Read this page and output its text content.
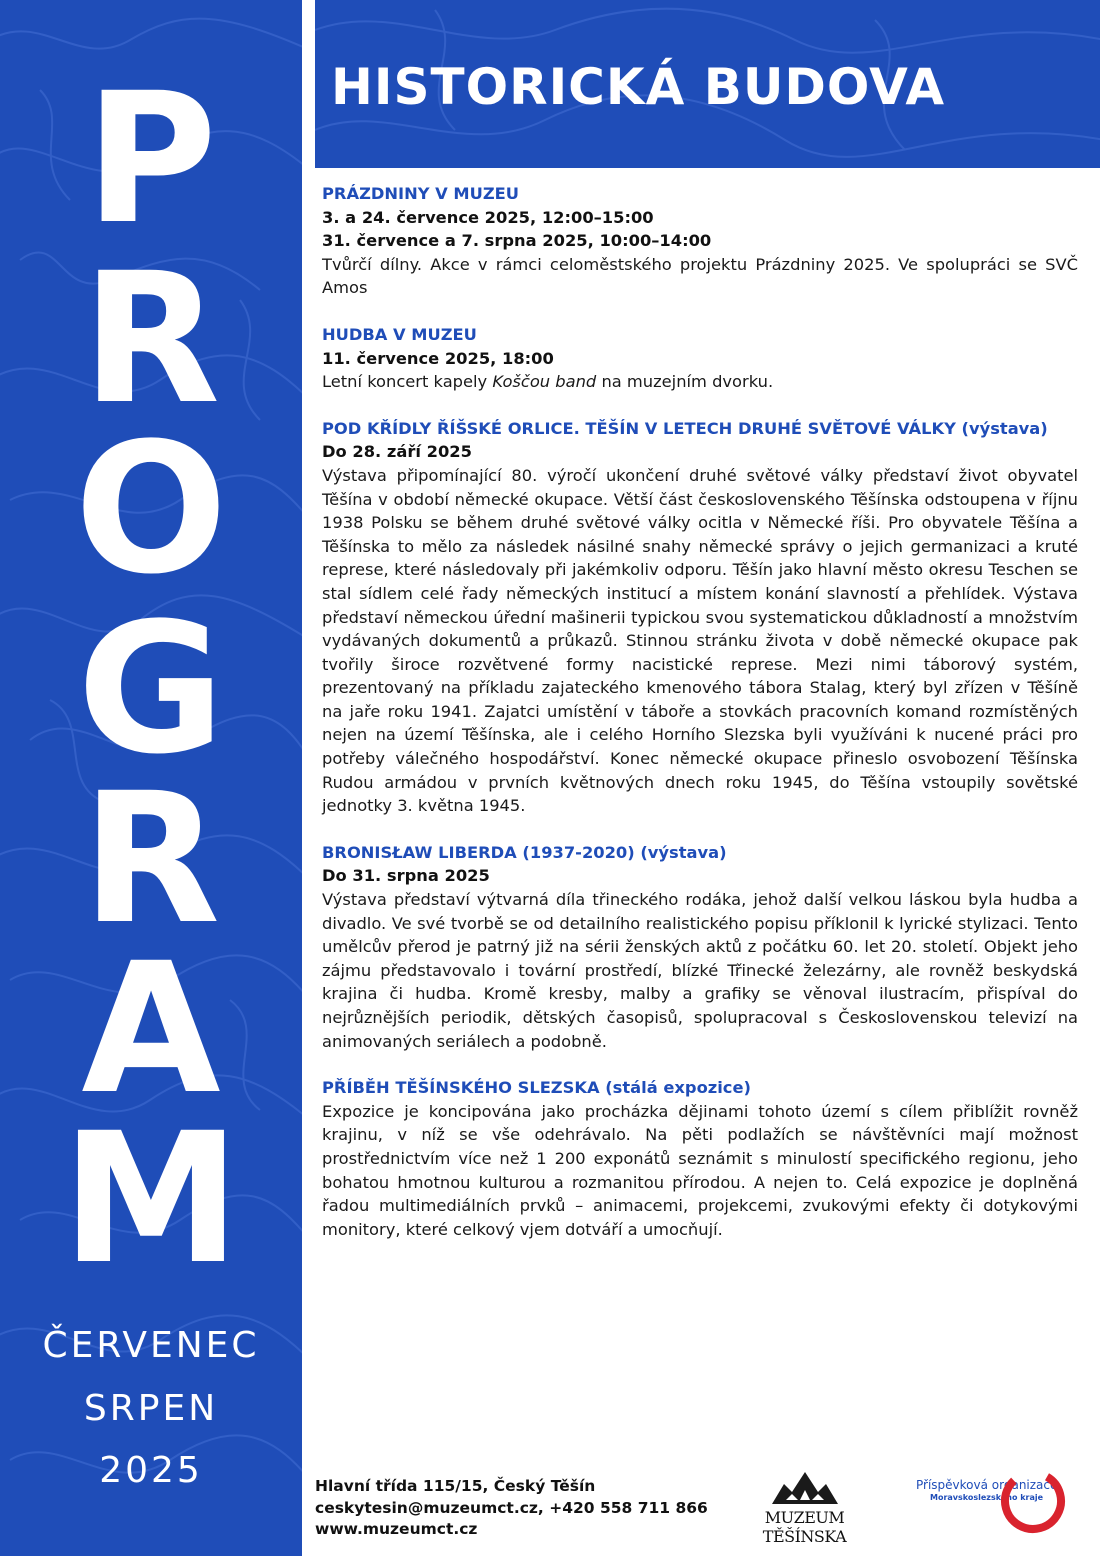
P
R
O
G
R
A
M
ČERVENEC
SRPEN
2025
HISTORICKÁ BUDOVA
PRÁZDNINY V MUZEU
3. a 24. července 2025, 12:00–15:00
31. července a 7. srpna 2025, 10:00–14:00
Tvůrčí dílny. Akce v rámci celoměstského projektu Prázdniny 2025. Ve spolupráci se SVČ Amos
HUDBA V MUZEU
11. července 2025, 18:00
Letní koncert kapely Koščou band na muzejním dvorku.
POD KŘÍDLY ŘÍŠSKÉ ORLICE. TĚŠÍN V LETECH DRUHÉ SVĚTOVÉ VÁLKY (výstava)
Do 28. září 2025
Výstava připomínající 80. výročí ukončení druhé světové války představí život obyvatel Těšína v období německé okupace. Větší část československého Těšínska odstoupena v říjnu 1938 Polsku se během druhé světové války ocitla v Německé říši. Pro obyvatele Těšína a Těšínska to mělo za následek násilné snahy německé správy o jejich germanizaci a kruté represe, které následovaly při jakémkoliv odporu. Těšín jako hlavní město okresu Teschen se stal sídlem celé řady německých institucí a místem konání slavností a přehlídek. Výstava představí německou úřední mašinerii typickou svou systematickou důkladností a množstvím vydávaných dokumentů a průkazů. Stinnou stránku života v době německé okupace pak tvořily široce rozvětvené formy nacistické represe. Mezi nimi táborový systém, prezentovaný na příkladu zajateckého kmenového tábora Stalag, který byl zřízen v Těšíně na jaře roku 1941. Zajatci umístění v táboře a stovkách pracovních komand rozmístěných nejen na území Těšínska, ale i celého Horního Slezska byli využíváni k nucené práci pro potřeby válečného hospodářství. Konec německé okupace přineslo osvobození Těšínska Rudou armádou v prvních květnových dnech roku 1945, do Těšína vstoupily sovětské jednotky 3. května 1945.
BRONISŁAW LIBERDA (1937-2020) (výstava)
Do 31. srpna 2025
Výstava představí výtvarná díla třineckého rodáka, jehož další velkou láskou byla hudba a divadlo. Ve své tvorbě se od detailního realistického popisu příklonil k lyrické stylizaci. Tento umělcův přerod je patrný již na sérii ženských aktů z počátku 60. let 20. století. Objekt jeho zájmu představovalo i tovární prostředí, blízké Třinecké železárny, ale rovněž beskydská krajina či hudba. Kromě kresby, malby a grafiky se věnoval ilustracím, přispíval do nejrůznějších periodik, dětských časopisů, spolupracoval s Československou televizí na animovaných seriálech a podobně.
PŘÍBĚH TĚŠÍNSKÉHO SLEZSKA (stálá expozice)
Expozice je koncipována jako procházka dějinami tohoto území s cílem přiblížit rovněž krajinu, v níž se vše odehrávalo. Na pěti podlažích se návštěvníci mají možnost prostřednictvím více než 1 200 exponátů seznámit s minulostí specifického regionu, jeho bohatou hmotnou kulturou a rozmanitou přírodou. A nejen to. Celá expozice je doplněná řadou multimediálních prvků – animacemi, projekcemi, zvukovými efekty či dotykovými monitory, které celkový vjem dotváří a umocňují.
Hlavní třída 115/15, Český Těšín
ceskytesin@muzeumct.cz, +420 558 711 866
www.muzeumct.cz
MUZEUM TĚŠÍNSKA
Příspěvková organizace
Moravskoslezského kraje
